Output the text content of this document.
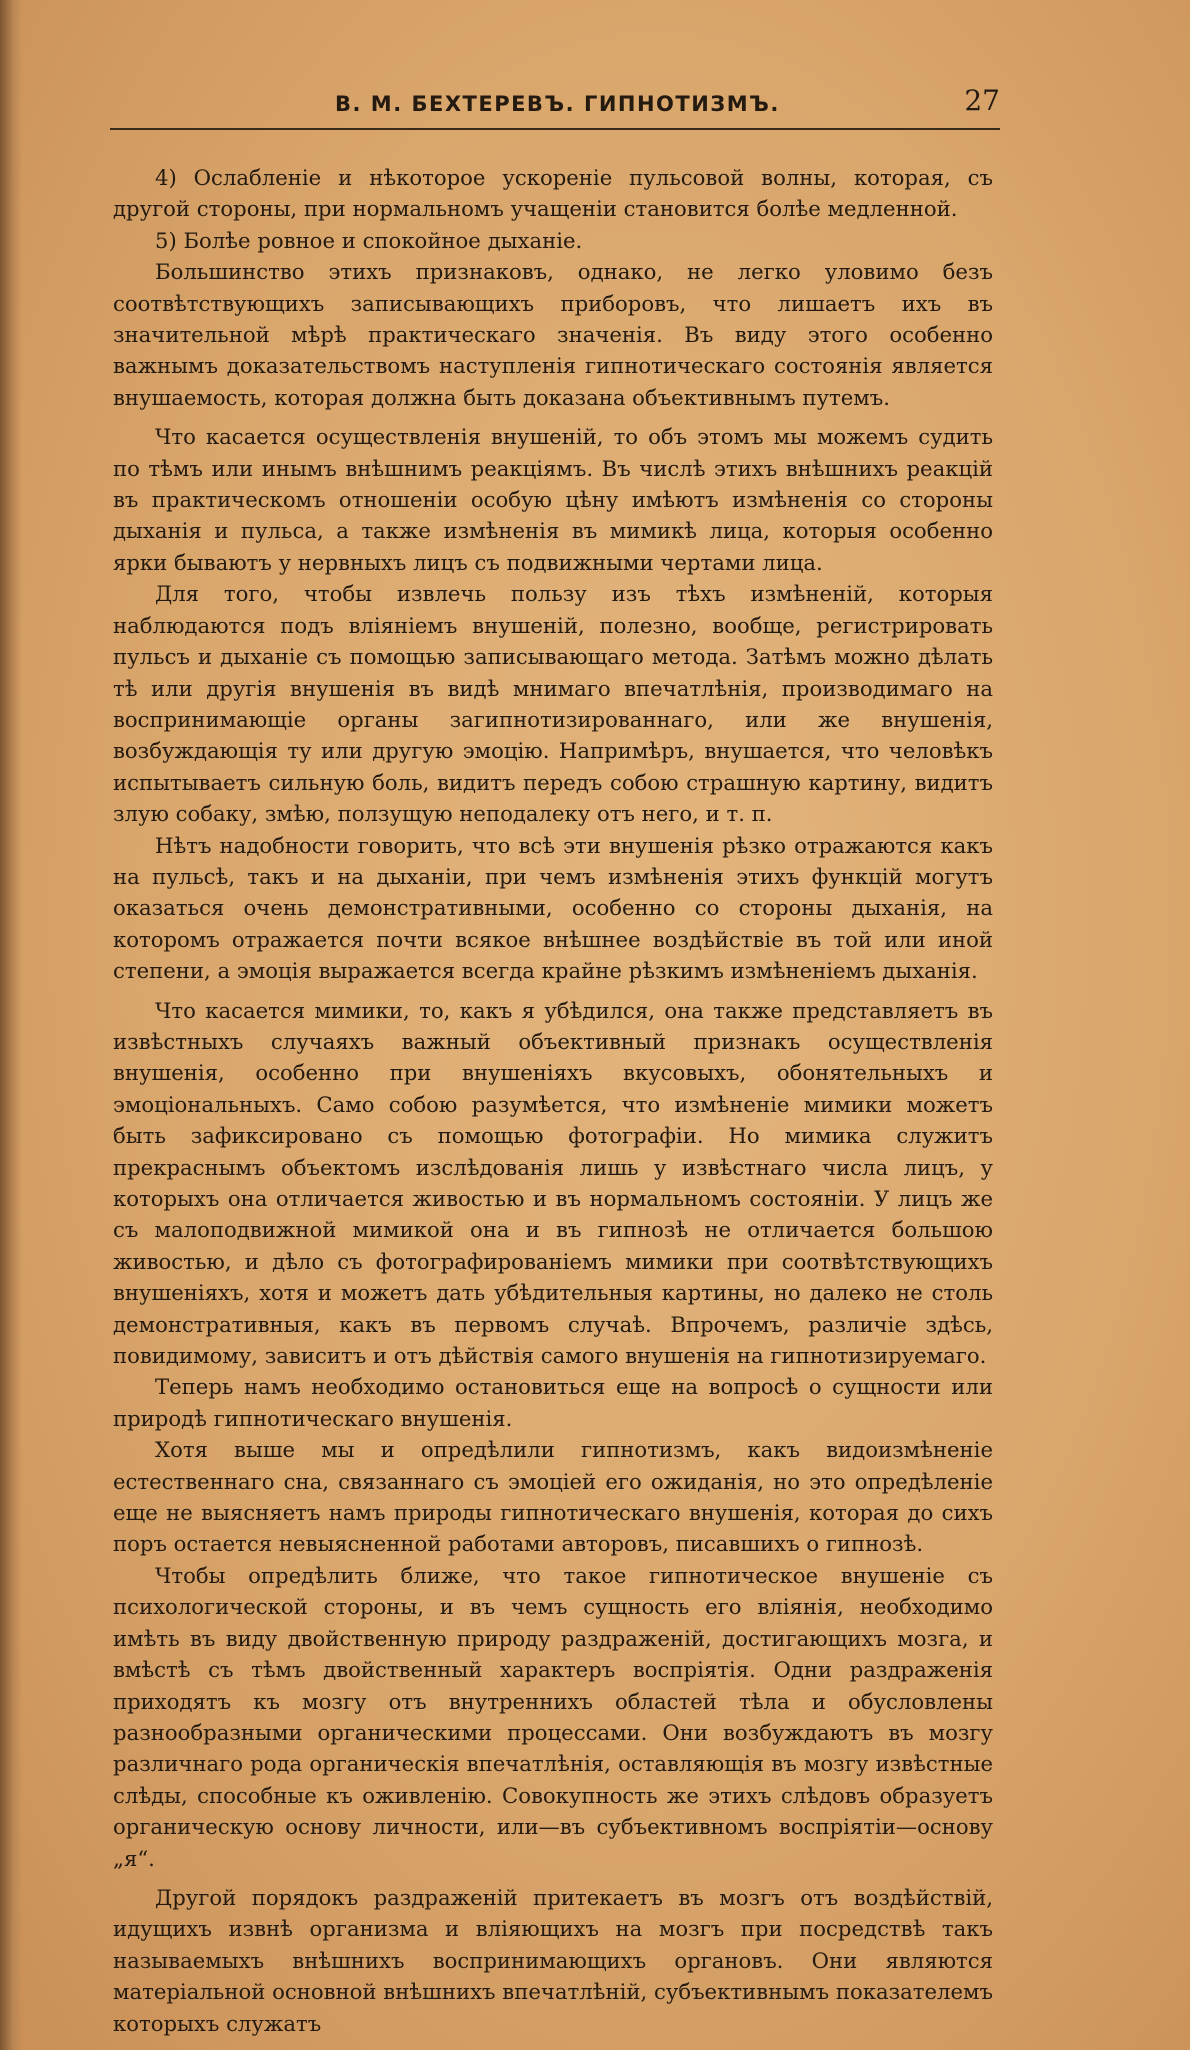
В. М. БЕХТЕРЕВЪ. ГИПНОТИЗМЪ.	27

4) Ослабленіе и нѣкоторое ускореніе пульсовой волны, которая, съ другой стороны, при нормальномъ учащеніи становится болѣе медленной.

5) Болѣе ровное и спокойное дыханіе.

Большинство этихъ признаковъ, однако, не легко уловимо безъ соотвѣтствующихъ записывающихъ приборовъ, что лишаетъ ихъ въ значительной мѣрѣ практическаго значенія. Въ виду этого особенно важнымъ доказательствомъ наступленія гипнотическаго состоянія является внушаемость, которая должна быть доказана объективнымъ путемъ.

Что касается осуществленія внушеній, то объ этомъ мы можемъ судить по тѣмъ или инымъ внѣшнимъ реакціямъ. Въ числѣ этихъ внѣшнихъ реакцій въ практическомъ отношеніи особую цѣну имѣютъ измѣненія со стороны дыханія и пульса, а также измѣненія въ мимикѣ лица, которыя особенно ярки бываютъ у нервныхъ лицъ съ подвижными чертами лица.

Для того, чтобы извлечь пользу изъ тѣхъ измѣненій, которыя наблюдаются подъ вліяніемъ внушеній, полезно, вообще, регистрировать пульсъ и дыханіе съ помощью записывающаго метода. Затѣмъ можно дѣлать тѣ или другія внушенія въ видѣ мнимаго впечатлѣнія, производимаго на воспринимающіе органы загипнотизированнаго, или же внушенія, возбуждающія ту или другую эмоцію. Напримѣръ, внушается, что человѣкъ испытываетъ сильную боль, видитъ передъ собою страшную картину, видитъ злую собаку, змѣю, ползущую неподалеку отъ него, и т. п.

Нѣтъ надобности говорить, что всѣ эти внушенія рѣзко отражаются какъ на пульсѣ, такъ и на дыханіи, при чемъ измѣненія этихъ функцій могутъ оказаться очень демонстративными, особенно со стороны дыханія, на которомъ отражается почти всякое внѣшнее воздѣйствіе въ той или иной степени, а эмоція выражается всегда крайне рѣзкимъ измѣненіемъ дыханія.

Что касается мимики, то, какъ я убѣдился, она также представляетъ въ извѣстныхъ случаяхъ важный объективный признакъ осуществленія внушенія, особенно при внушеніяхъ вкусовыхъ, обонятельныхъ и эмоціональныхъ. Само собою разумѣется, что измѣненіе мимики можетъ быть зафиксировано съ помощью фотографіи. Но мимика служитъ прекраснымъ объектомъ изслѣдованія лишь у извѣстнаго числа лицъ, у которыхъ она отличается живостью и въ нормальномъ состояніи. У лицъ же съ малоподвижной мимикой она и въ гипнозѣ не отличается большою живостью, и дѣло съ фотографированіемъ мимики при соотвѣтствующихъ внушеніяхъ, хотя и можетъ дать убѣдительныя картины, но далеко не столь демонстративныя, какъ въ первомъ случаѣ. Впрочемъ, различіе здѣсь, повидимому, зависитъ и отъ дѣйствія самого внушенія на гипнотизируемаго.

Теперь намъ необходимо остановиться еще на вопросѣ о сущности или природѣ гипнотическаго внушенія.

Хотя выше мы и опредѣлили гипнотизмъ, какъ видоизмѣненіе естественнаго сна, связаннаго съ эмоціей его ожиданія, но это опредѣленіе еще не выясняетъ намъ природы гипнотическаго внушенія, которая до сихъ поръ остается невыясненной работами авторовъ, писавшихъ о гипнозѣ.

Чтобы опредѣлить ближе, что такое гипнотическое внушеніе съ психологической стороны, и въ чемъ сущность его вліянія, необходимо имѣть въ виду двойственную природу раздраженій, достигающихъ мозга, и вмѣстѣ съ тѣмъ двойственный характеръ воспріятія. Одни раздраженія приходятъ къ мозгу отъ внутреннихъ областей тѣла и обусловлены разнообразными органическими процессами. Они возбуждаютъ въ мозгу различнаго рода органическія впечатлѣнія, оставляющія въ мозгу извѣстные слѣды, способные къ оживленію. Совокупность же этихъ слѣдовъ образуетъ органическую основу личности, или—въ субъективномъ воспріятіи—основу „я“.

Другой порядокъ раздраженій притекаетъ въ мозгъ отъ воздѣйствій, идущихъ извнѣ организма и вліяющихъ на мозгъ при посредствѣ такъ называемыхъ внѣшнихъ воспринимающихъ органовъ. Они являются матеріальной основной внѣшнихъ впечатлѣній, субъективнымъ показателемъ которыхъ служатъ
